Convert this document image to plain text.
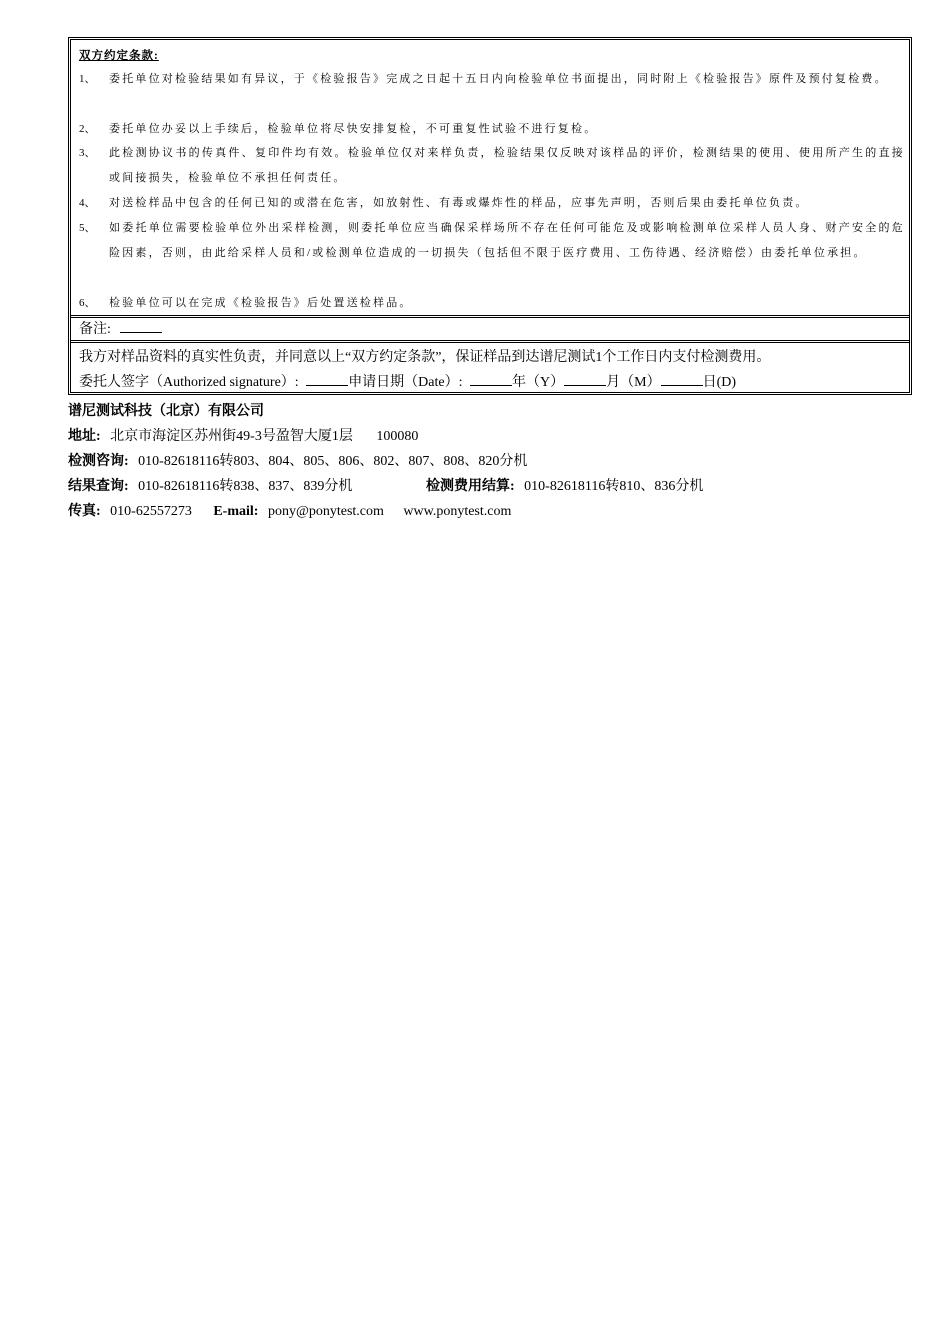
双方约定条款:
1、 委托单位对检验结果如有异议，于《检验报告》完成之日起十五日内向检验单位书面提出，同时附上《检验报告》原件及预付复检费。
2、 委托单位办妥以上手续后，检验单位将尽快安排复检，不可重复性试验不进行复检。
3、 此检测协议书的传真件、复印件均有效。检验单位仅对来样负责，检验结果仅反映对该样品的评价，检测结果的使用、使用所产生的直接或间接损失，检验单位不承担任何责任。
4、 对送检样品中包含的任何已知的或潜在危害，如放射性、有毒或爆炸性的样品，应事先声明，否则后果由委托单位负责。
5、 如委托单位需要检验单位外出采样检测，则委托单位应当确保采样场所不存在任何可能危及或影响检测单位采样人员人身、财产安全的危险因素，否则，由此给采样人员和/或检测单位造成的一切损失（包括但不限于医疗费用、工伤待遇、经济赔偿）由委托单位承担。
6、 检验单位可以在完成《检验报告》后处置送检样品。
备注:
我方对样品资料的真实性负责，并同意以上“双方约定条款”，保证样品到达谱尼测试1个工作日内支付检测费用。
委托人签字（Authorized signature）:	申请日期（Date）:	年（Y）	月（M）	日(D)
谱尼测试科技（北京）有限公司
地址: 北京市海淀区苏州街49-3号盈智大厦1层 100080
检测咨询: 010-82618116转803、804、805、806、802、807、808、820分机
结果查询: 010-82618116转838、837、839分机	检测费用结算: 010-82618116转810、836分机
传真: 010-62557273 E-mail: pony@ponytest.com www.ponytest.com
